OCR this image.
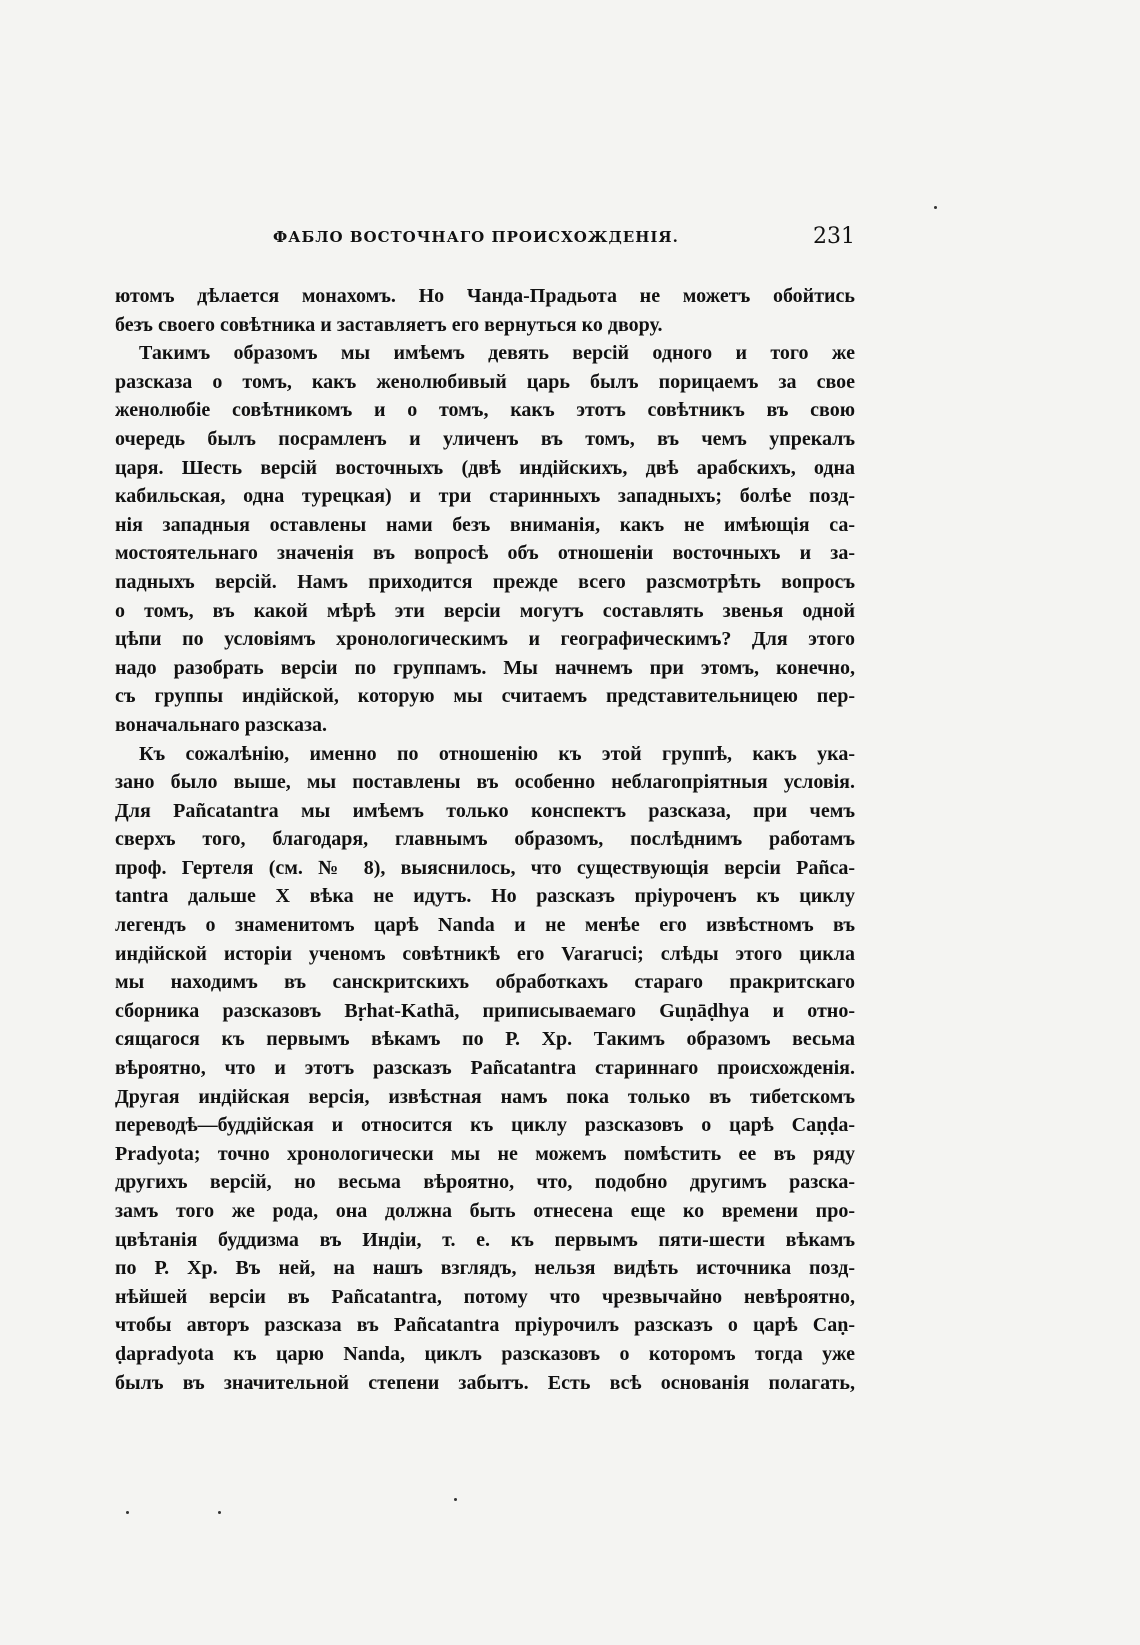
ФАБЛО ВОСТОЧНАГО ПРОИСХОЖДЕНІЯ.	231
ютомъ дѣлается монахомъ. Но Чанда-Прадьота не можетъ обойтись
безъ своего совѣтника и заставляетъ его вернуться ко двору.
Такимъ образомъ мы имѣемъ девять версій одного и того же
разсказа о томъ, какъ женолюбивый царь былъ порицаемъ за свое
женолюбіе совѣтникомъ и о томъ, какъ этотъ совѣтникъ въ свою
очередь былъ посрамленъ и уличенъ въ томъ, въ чемъ упрекалъ
царя. Шесть версій восточныхъ (двѣ индійскихъ, двѣ арабскихъ, одна
кабильская, одна турецкая) и три старинныхъ западныхъ; болѣе позд-
нія западныя оставлены нами безъ вниманія, какъ не имѣющія са-
мостоятельнаго значенія въ вопросѣ объ отношеніи восточныхъ и за-
падныхъ версій. Намъ приходится прежде всего разсмотрѣть вопросъ
о томъ, въ какой мѣрѣ эти версіи могутъ составлять звенья одной
цѣпи по условіямъ хронологическимъ и географическимъ? Для этого
надо разобрать версіи по группамъ. Мы начнемъ при этомъ, конечно,
съ группы индійской, которую мы считаемъ представительницею пер-
воначальнаго разсказа.
Къ сожалѣнію, именно по отношенію къ этой группѣ, какъ ука-
зано было выше, мы поставлены въ особенно неблагопріятныя условія.
Для Pañcatantra мы имѣемъ только конспектъ разсказа, при чемъ
сверхъ того, благодаря, главнымъ образомъ, послѣднимъ работамъ
проф. Гертеля (см. № 8), выяснилось, что существующія версіи Pañca-
tantra дальше X вѣка не идутъ. Но разсказъ пріуроченъ къ циклу
легендъ о знаменитомъ царѣ Nanda и не менѣе его извѣстномъ въ
индійской исторіи ученомъ совѣтникѣ его Vararuci; слѣды этого цикла
мы находимъ въ санскритскихъ обработкахъ стараго пракритскаго
сборника разсказовъ Bṛhat-Kathā, приписываемаго Guṇāḍhya и отно-
сящагося къ первымъ вѣкамъ по Р. Хр. Такимъ образомъ весьма
вѣроятно, что и этотъ разсказъ Pañcatantra стариннаго происхожденія.
Другая индійская версія, извѣстная намъ пока только въ тибетскомъ
переводѣ—буддійская и относится къ циклу разсказовъ о царѣ Caṇḍa-
Pradyota; точно хронологически мы не можемъ помѣстить ее въ ряду
другихъ версій, но весьма вѣроятно, что, подобно другимъ разска-
замъ того же рода, она должна быть отнесена еще ко времени про-
цвѣтанія буддизма въ Индіи, т. е. къ первымъ пяти-шести вѣкамъ
по Р. Хр. Въ ней, на нашъ взглядъ, нельзя видѣть источника позд-
нѣйшей версіи въ Pañcatantra, потому что чрезвычайно невѣроятно,
чтобы авторъ разсказа въ Pañcatantra пріурочилъ разсказъ о царѣ Caṇ-
ḍapradyota къ царю Nanda, циклъ разсказовъ о которомъ тогда уже
былъ въ значительной степени забытъ. Есть всѣ основанія полагать,
